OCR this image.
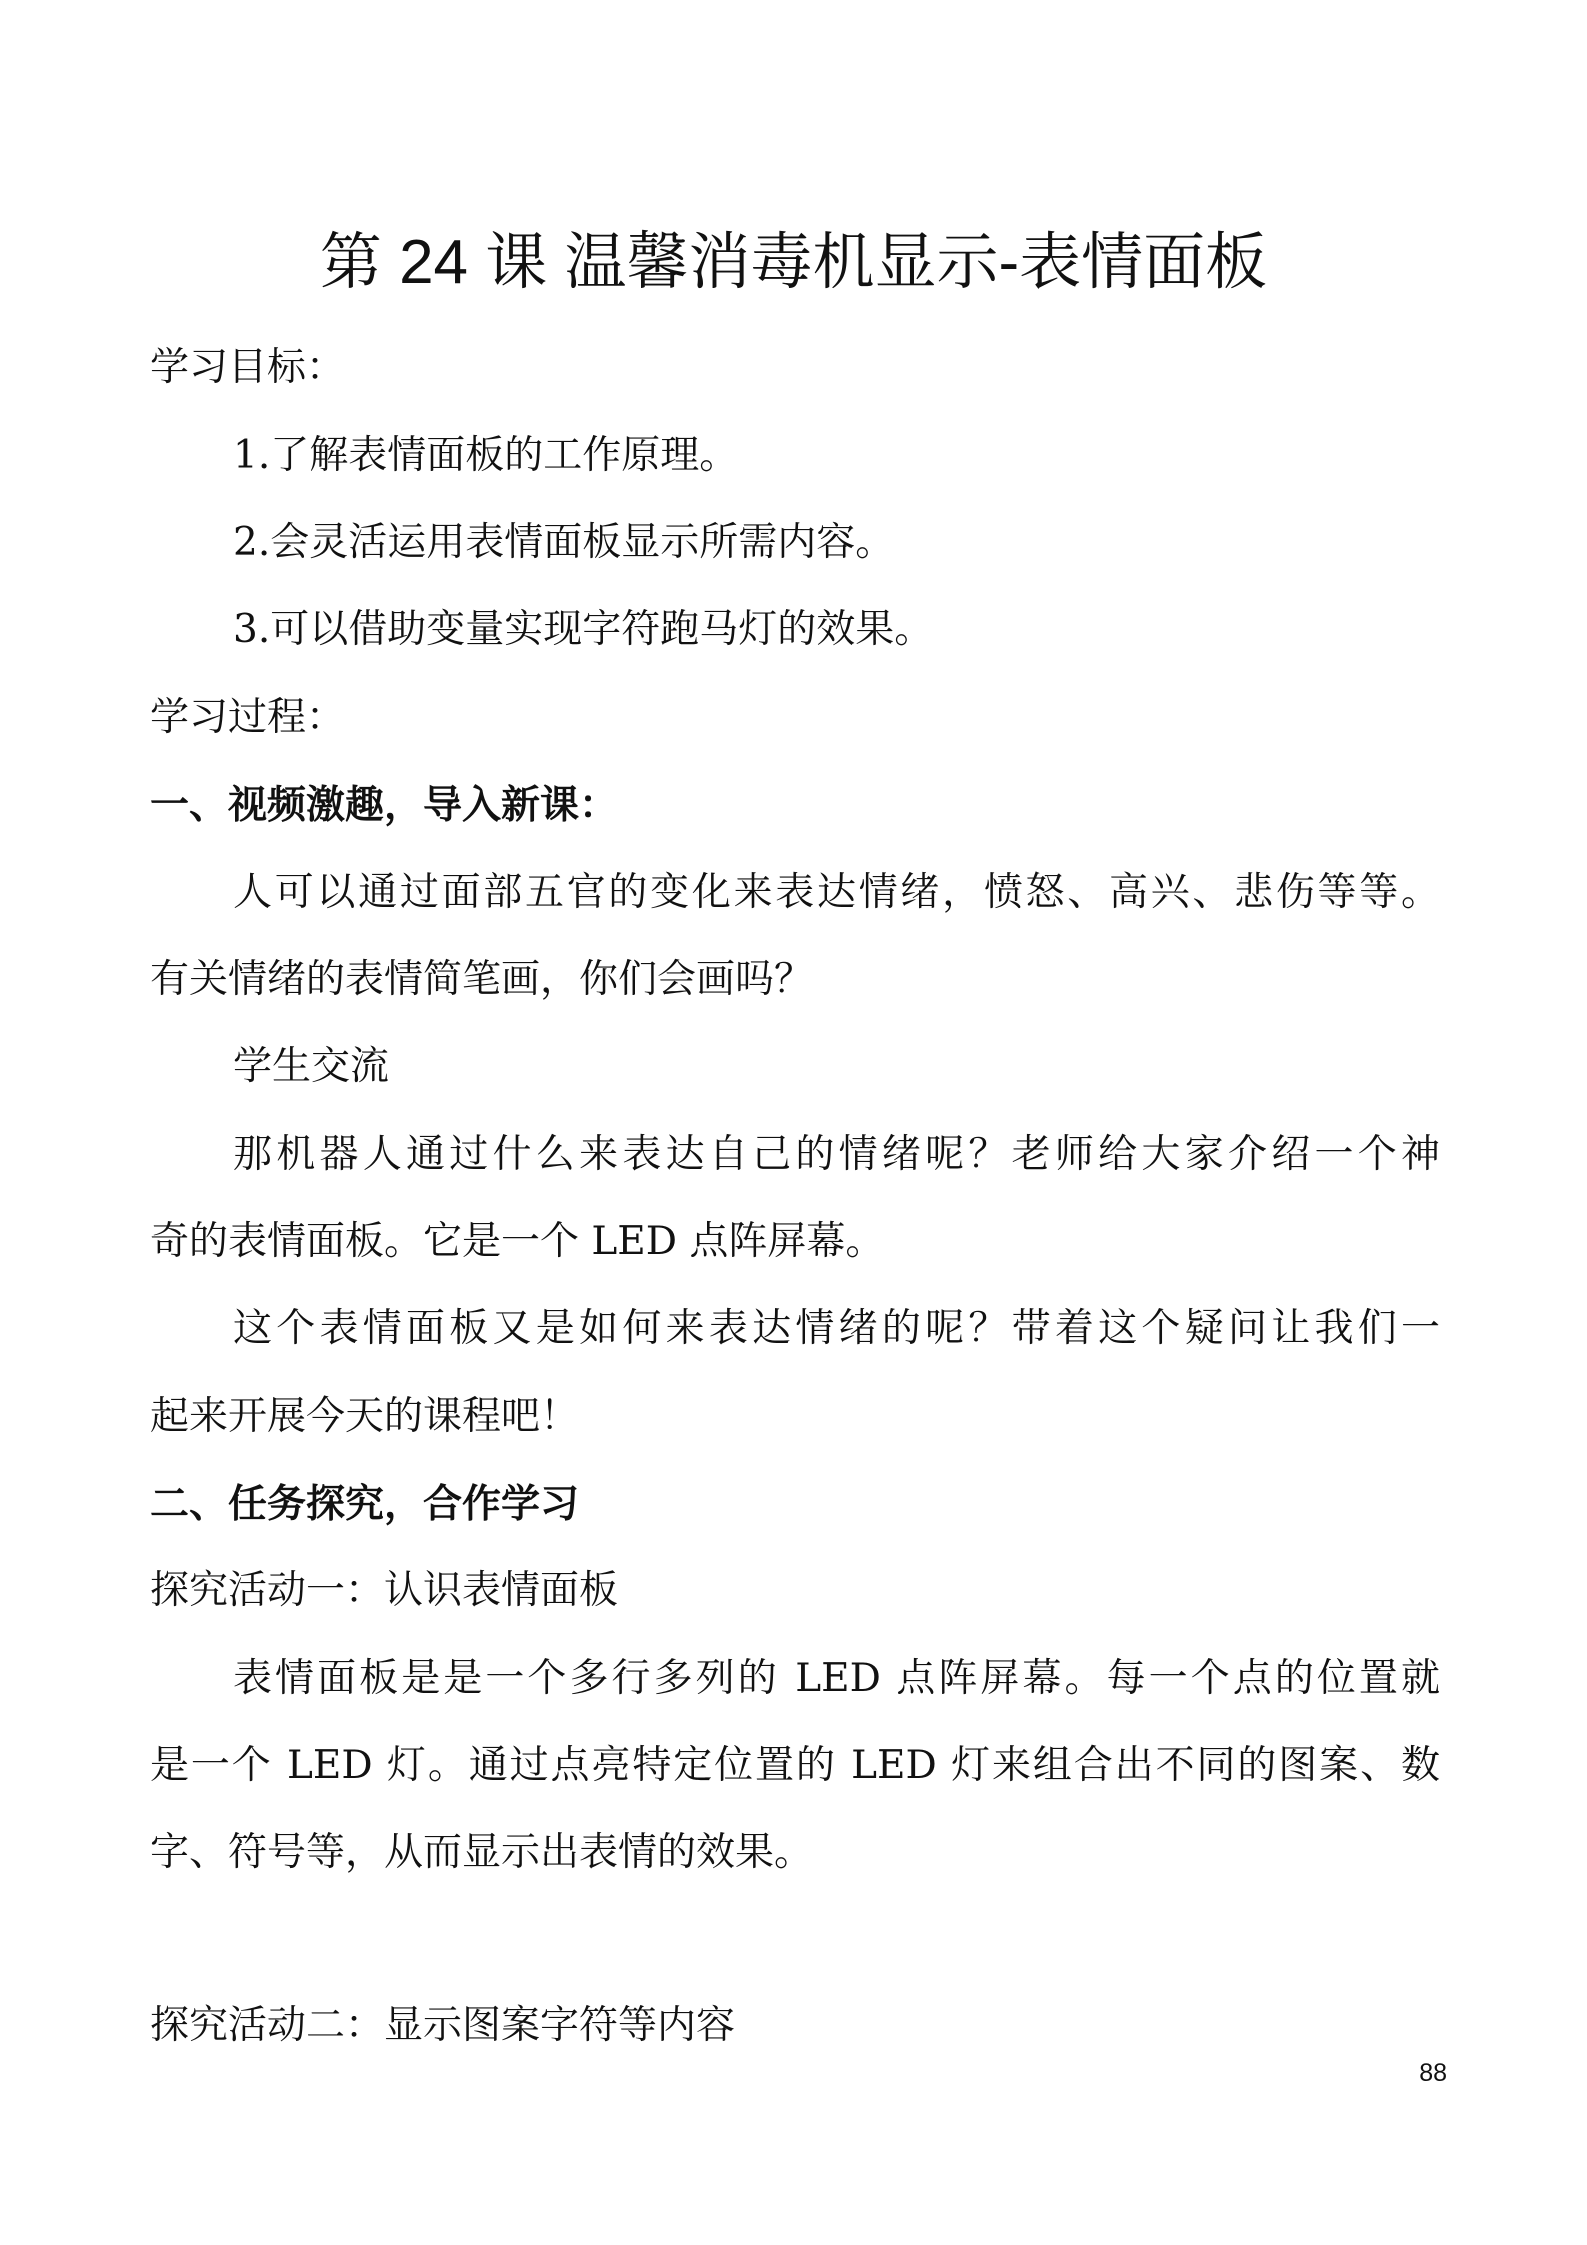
第 24 课 温馨消毒机显示-表情面板

学习目标：

1.了解表情面板的工作原理。

2.会灵活运用表情面板显示所需内容。

3.可以借助变量实现字符跑马灯的效果。

学习过程：

一、视频激趣，导入新课：

人可以通过面部五官的变化来表达情绪，愤怒、高兴、悲伤等等。

有关情绪的表情简笔画，你们会画吗？

学生交流

那机器人通过什么来表达自己的情绪呢？老师给大家介绍一个神

奇的表情面板。它是一个 LED 点阵屏幕。

这个表情面板又是如何来表达情绪的呢？带着这个疑问让我们一

起来开展今天的课程吧！

二、任务探究，合作学习

探究活动一：认识表情面板

表情面板是是一个多行多列的 LED 点阵屏幕。每一个点的位置就

是一个 LED 灯。通过点亮特定位置的 LED 灯来组合出不同的图案、数

字、符号等，从而显示出表情的效果。

探究活动二：显示图案字符等内容

88
